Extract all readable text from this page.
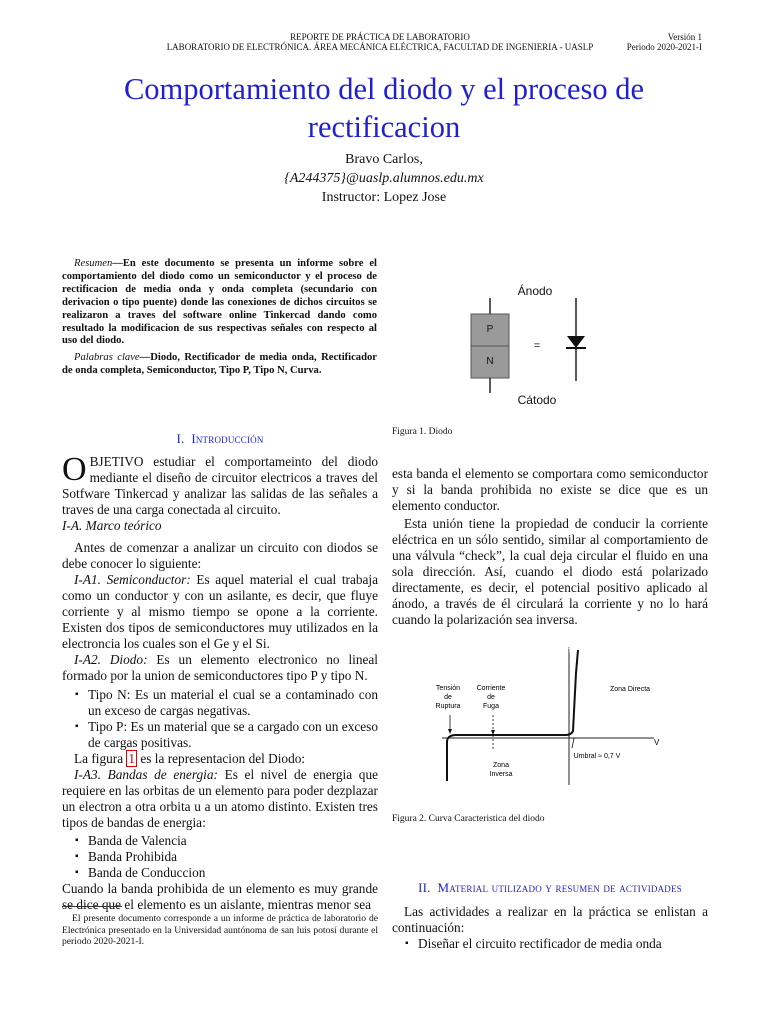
REPORTE DE PRÁCTICA DE LABORATORIO
LABORATORIO DE ELECTRÓNICA. ÁREA MECÁNICA ELÉCTRICA, FACULTAD DE INGENIERIA - UASLP
Versión 1
Periodo 2020-2021-I
Comportamiento del diodo y el proceso de rectificacion
Bravo Carlos,
{A244375}@uaslp.alumnos.edu.mx
Instructor: Lopez Jose

Resumen—En este documento se presenta un informe sobre el comportamiento del diodo como un semiconductor y el proceso de rectificacion de media onda y onda completa (secundario con derivacion o tipo puente) donde las conexiones de dichos circuitos se realizaron a traves del software online Tinkercad dando como resultado la modificacion de sus respectivas señales con respecto al uso del diodo.

Palabras clave—Diodo, Rectificador de media onda, Rectificador de onda completa, Semiconductor, Tipo P, Tipo N, Curva.

I. Introducción

OBJETIVO estudiar el comportameinto del diodo mediante el diseño de circuitor electricos a traves del Sotfware Tinkercad y analizar las salidas de las señales a traves de una carga conectada al circuito.

I-A. Marco teórico

Antes de comenzar a analizar un circuito con diodos se debe conocer lo siguiente:

I-A1. Semiconductor: Es aquel material el cual trabaja como un conductor y con un asilante, es decir, que fluye corriente y al mismo tiempo se opone a la corriente. Existen dos tipos de semiconductores muy utilizados en la electroncia los cuales son el Ge y el Si.

I-A2. Diodo: Es un elemento electronico no lineal formado por la union de semiconductores tipo P y tipo N.

▪ Tipo N: Es un material el cual se a contaminado con un exceso de cargas negativas.
▪ Tipo P: Es un material que se a cargado con un exceso de cargas positivas.

La figura 1 es la representacion del Diodo:

I-A3. Bandas de energia: Es el nivel de energia que requiere en las orbitas de un elemento para poder dezplazar un electron a otra orbita u a un atomo distinto. Existen tres tipos de bandas de energia:

▪ Banda de Valencia
▪ Banda Prohibida
▪ Banda de Conduccion

Cuando la banda prohibida de un elemento es muy grande se dice que el elemento es un aislante, mientras menor sea

El presente documento corresponde a un informe de práctica de laboratorio de Electrónica presentado en la Universidad auntónoma de san luis potosí durante el periodo 2020-2021-I.
P
N
=
Ánodo
Cátodo
Figura 1. Diodo

esta banda el elemento se comportara como semiconductor y si la banda prohibida no existe se dice que es un elemento conductor.

Esta unión tiene la propiedad de conducir la corriente eléctrica en un sólo sentido, similar al comportamiento de una válvula “check”, la cual deja circular el fluido en una sola dirección. Así, cuando el diodo está polarizado directamente, es decir, el potencial positivo aplicado al ánodo, a través de él circulará la corriente y no lo hará cuando la polarización sea inversa.

i
V
Tensión
de
Ruptura
Corriente
de
Fuga
Zona Directa
Zona
Inversa
Umbral ≈ 0,7 V
Figura 2. Curva Caracteristica del diodo
II. Material utilizado y resumen de actividades

Las actividades a realizar en la práctica se enlistan a continuación:

▪ Diseñar el circuito rectificador de media onda
